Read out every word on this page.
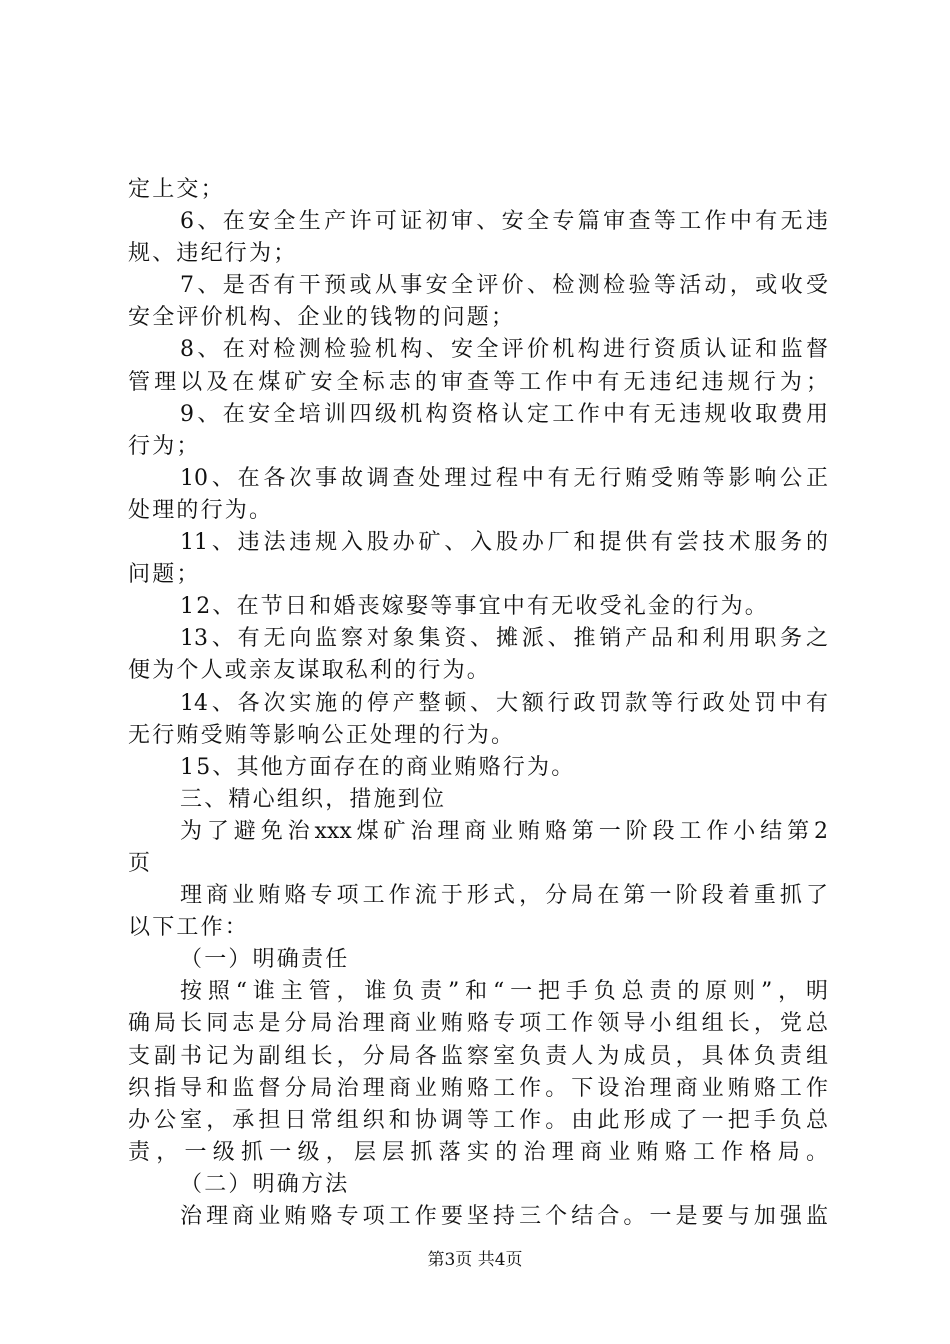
定上交；
6、在安全生产许可证初审、安全专篇审查等工作中有无违
规、违纪行为；
7、是否有干预或从事安全评价、检测检验等活动，或收受
安全评价机构、企业的钱物的问题；
8、在对检测检验机构、安全评价机构进行资质认证和监督
管理以及在煤矿安全标志的审查等工作中有无违纪违规行为；
9、在安全培训四级机构资格认定工作中有无违规收取费用
行为；
10、在各次事故调查处理过程中有无行贿受贿等影响公正
处理的行为。
11、违法违规入股办矿、入股办厂和提供有尝技术服务的
问题；
12、在节日和婚丧嫁娶等事宜中有无收受礼金的行为。
13、有无向监察对象集资、摊派、推销产品和利用职务之
便为个人或亲友谋取私利的行为。
14、各次实施的停产整顿、大额行政罚款等行政处罚中有
无行贿受贿等影响公正处理的行为。
15、其他方面存在的商业贿赂行为。
三、精心组织，措施到位
为了避免治xxx煤矿治理商业贿赂第一阶段工作小结第2
页
理商业贿赂专项工作流于形式，分局在第一阶段着重抓了
以下工作：
（一）明确责任
按照“谁主管，谁负责”和“一把手负总责的原则”，明
确局长同志是分局治理商业贿赂专项工作领导小组组长，党总
支副书记为副组长，分局各监察室负责人为成员，具体负责组
织指导和监督分局治理商业贿赂工作。下设治理商业贿赂工作
办公室，承担日常组织和协调等工作。由此形成了一把手负总
责，一级抓一级，层层抓落实的治理商业贿赂工作格局。
（二）明确方法
治理商业贿赂专项工作要坚持三个结合。一是要与加强监
第3页 共4页
